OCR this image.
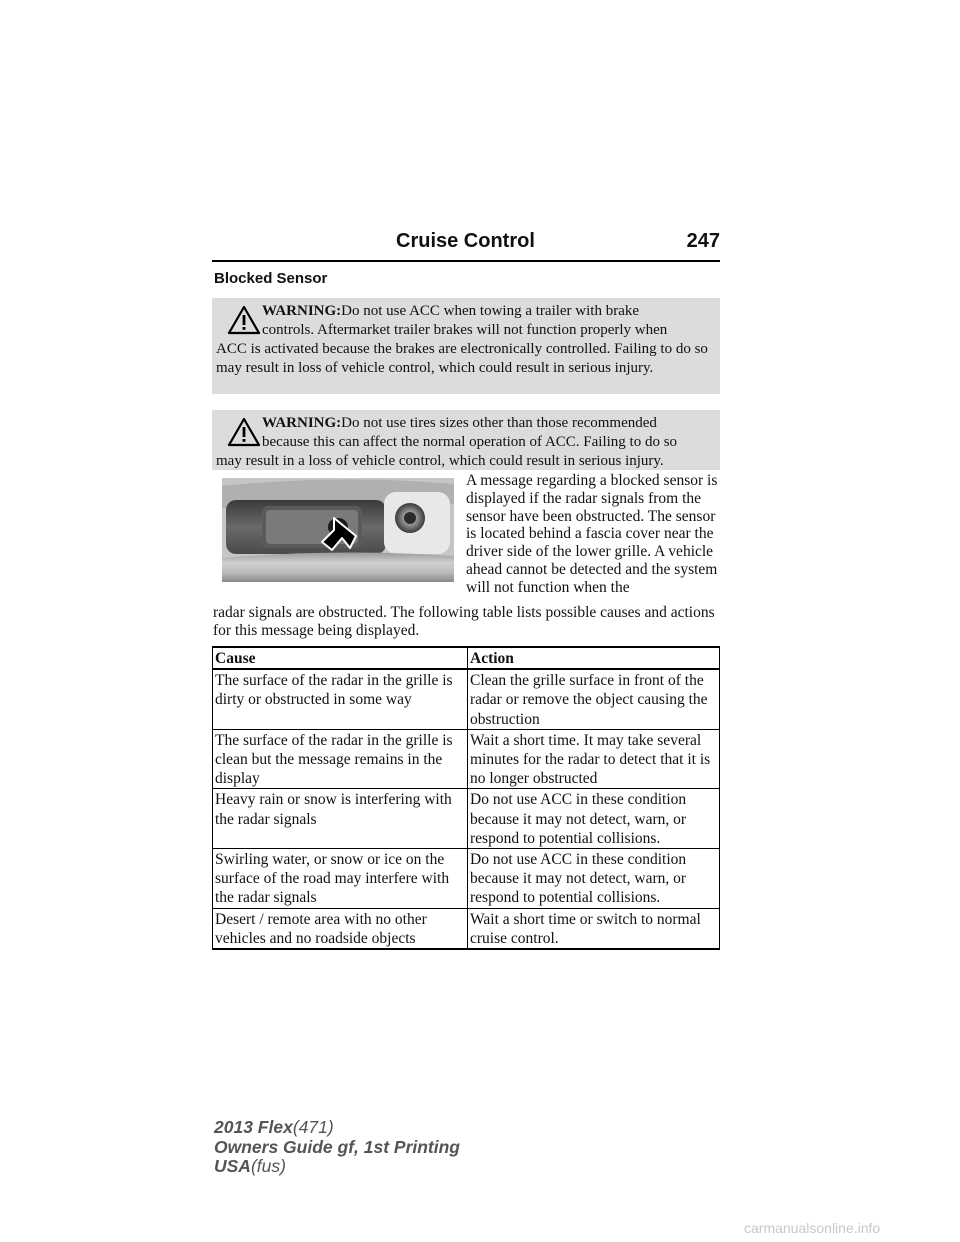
Cruise Control	247
Blocked Sensor
WARNING:Do not use ACC when towing a trailer with brake
controls. Aftermarket trailer brakes will not function properly when
ACC is activated because the brakes are electronically controlled. Failing to do so may result in loss of vehicle control, which could result in serious injury.
WARNING:Do not use tires sizes other than those recommended
because this can affect the normal operation of ACC. Failing to do so
may result in a loss of vehicle control, which could result in serious injury.
A message regarding a blocked sensor is displayed if the radar signals from the sensor have been obstructed. The sensor is located behind a fascia cover near the driver side of the lower grille. A vehicle ahead cannot be detected and the system will not function when the
radar signals are obstructed. The following table lists possible causes and actions for this message being displayed.
Cause	Action
The surface of the radar in the grille is dirty or obstructed in some way	Clean the grille surface in front of the radar or remove the object causing the obstruction
The surface of the radar in the grille is clean but the message remains in the display	Wait a short time. It may take several minutes for the radar to detect that it is no longer obstructed
Heavy rain or snow is interfering with the radar signals	Do not use ACC in these condition because it may not detect, warn, or respond to potential collisions.
Swirling water, or snow or ice on the surface of the road may interfere with the radar signals	Do not use ACC in these condition because it may not detect, warn, or respond to potential collisions.
Desert / remote area with no other vehicles and no roadside objects	Wait a short time or switch to normal cruise control.
2013 Flex(471)
Owners Guide gf, 1st Printing
USA(fus)
carmanualsonline.info
